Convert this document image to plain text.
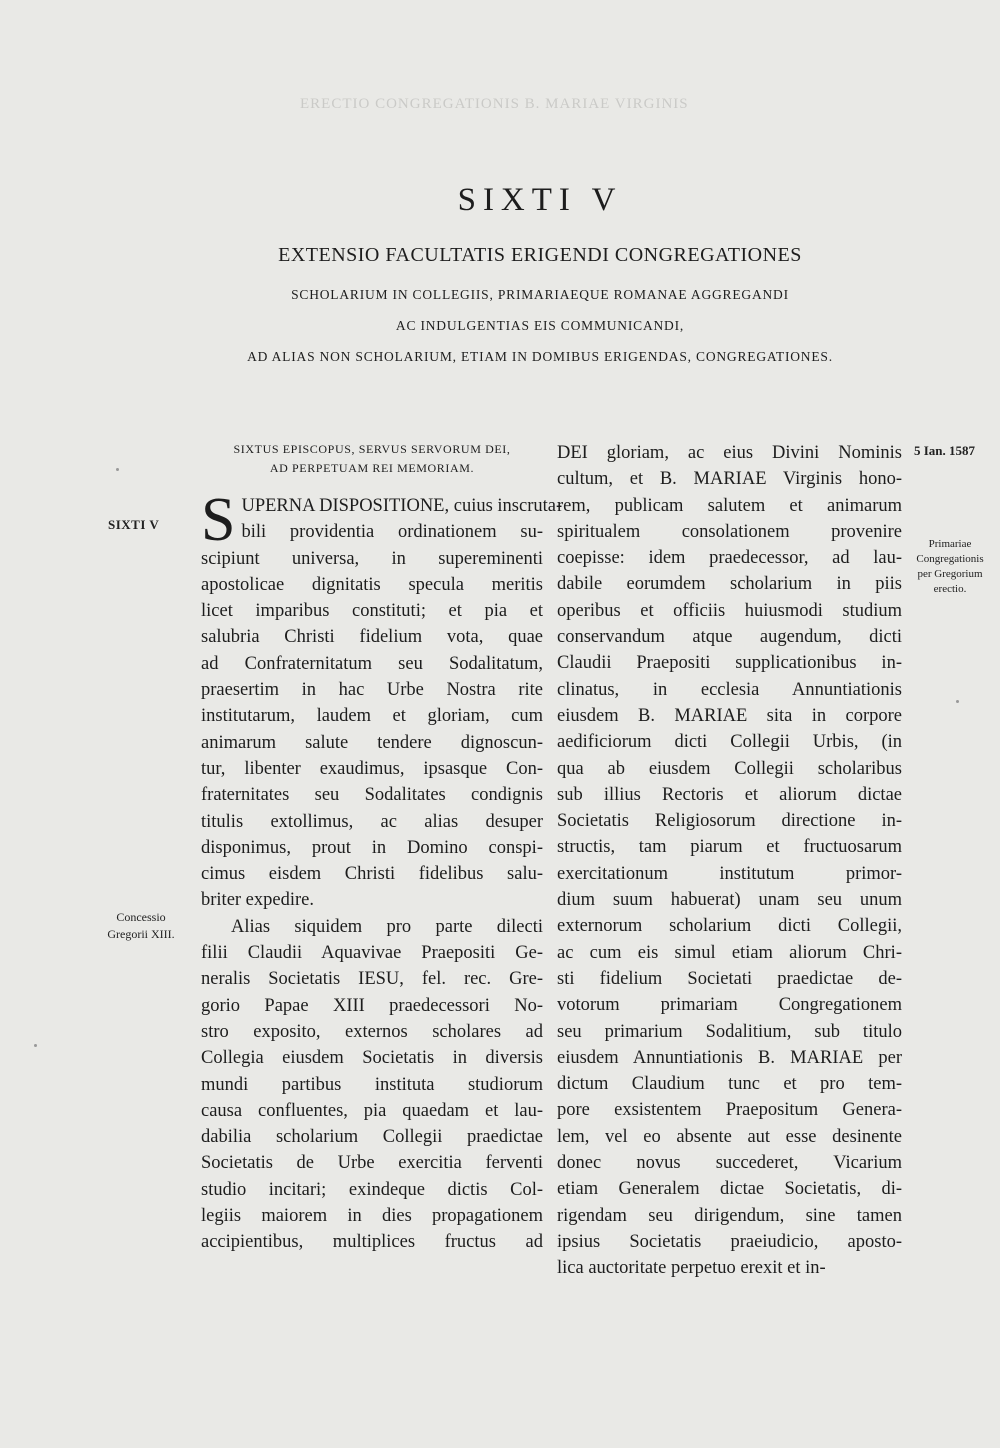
ERECTIO CONGREGATIONIS B. MARIAE VIRGINIS
SIXTI V
EXTENSIO FACULTATIS ERIGENDI CONGREGATIONES
SCHOLARIUM IN COLLEGIIS, PRIMARIAEQUE ROMANAE AGGREGANDI
AC INDULGENTIAS EIS COMMUNICANDI,
AD ALIAS NON SCHOLARIUM, ETIAM IN DOMIBUS ERIGENDAS, CONGREGATIONES.

SIXTUS EPISCOPUS, SERVUS SERVORUM DEI,
AD PERPETUAM REI MEMORIAM.

S UPERNA DISPOSITIONE, cuius inscruta-
bili providentia ordinationem su-
scipiunt universa, in supereminenti
apostolicae dignitatis specula meritis
licet imparibus constituti; et pia et
salubria Christi fidelium vota, quae
ad Confraternitatum seu Sodalitatum,
praesertim in hac Urbe Nostra rite
institutarum, laudem et gloriam, cum
animarum salute tendere dignoscun-
tur, libenter exaudimus, ipsasque Con-
fraternitates seu Sodalitates condignis
titulis extollimus, ac alias desuper
disponimus, prout in Domino conspi-
cimus eisdem Christi fidelibus salu-
briter expedire.
Alias siquidem pro parte dilecti
filii Claudii Aquavivae Praepositi Ge-
neralis Societatis IESU, fel. rec. Gre-
gorio Papae XIII praedecessori No-
stro exposito, externos scholares ad
Collegia eiusdem Societatis in diversis
mundi partibus instituta studiorum
causa confluentes, pia quaedam et lau-
dabilia scholarium Collegii praedictae
Societatis de Urbe exercitia ferventi
studio incitari; exindeque dictis Col-
legiis maiorem in dies propagationem
accipientibus, multiplices fructus ad
DEI gloriam, ac eius Divini Nominis
cultum, et B. MARIAE Virginis hono-
rem, publicam salutem et animarum
spiritualem consolationem provenire
coepisse: idem praedecessor, ad lau-
dabile eorumdem scholarium in piis
operibus et officiis huiusmodi studium
conservandum atque augendum, dicti
Claudii Praepositi supplicationibus in-
clinatus, in ecclesia Annuntiationis
eiusdem B. MARIAE sita in corpore
aedificiorum dicti Collegii Urbis, (in
qua ab eiusdem Collegii scholaribus
sub illius Rectoris et aliorum dictae
Societatis Religiosorum directione in-
structis, tam piarum et fructuosarum
exercitationum institutum primor-
dium suum habuerat) unam seu unum
externorum scholarium dicti Collegii,
ac cum eis simul etiam aliorum Chri-
sti fidelium Societati praedictae de-
votorum primariam Congregationem
seu primarium Sodalitium, sub titulo
eiusdem Annuntiationis B. MARIAE per
dictum Claudium tunc et pro tem-
pore exsistentem Praepositum Genera-
lem, vel eo absente aut esse desinente
donec novus succederet, Vicarium
etiam Generalem dictae Societatis, di-
rigendam seu dirigendum, sine tamen
ipsius Societatis praeiudicio, aposto-
lica auctoritate perpetuo erexit et in-
SIXTI V
Concessio
Gregorii XIII.
5 Ian. 1587
Primariae
Congregationis
per Gregorium
erectio.
